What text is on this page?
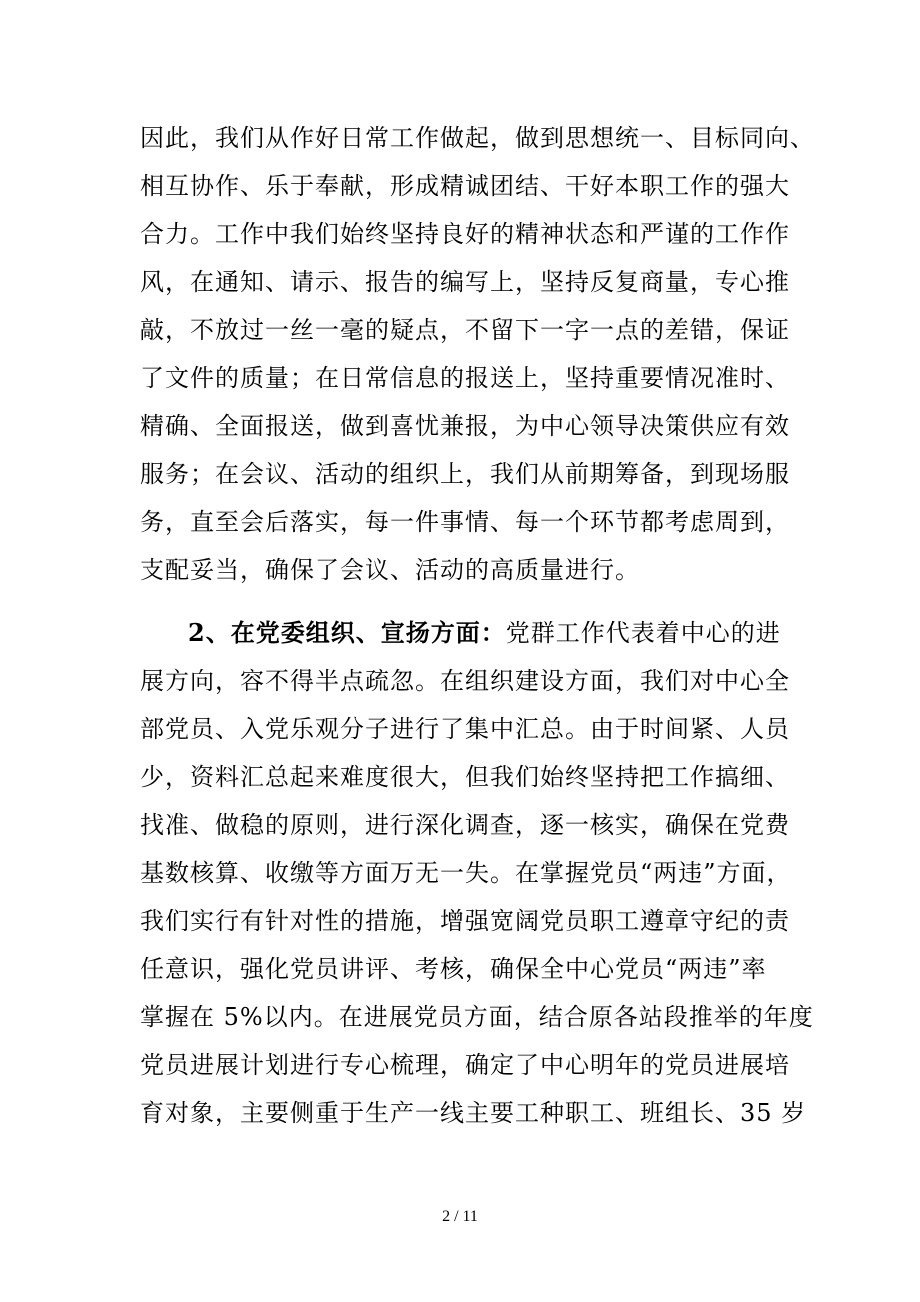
因此，我们从作好日常工作做起，做到思想统一、目标同向、
相互协作、乐于奉献，形成精诚团结、干好本职工作的强大
合力。工作中我们始终坚持良好的精神状态和严谨的工作作
风，在通知、请示、报告的编写上，坚持反复商量，专心推
敲，不放过一丝一毫的疑点，不留下一字一点的差错，保证
了文件的质量；在日常信息的报送上，坚持重要情况准时、
精确、全面报送，做到喜忧兼报，为中心领导决策供应有效
服务；在会议、活动的组织上，我们从前期筹备，到现场服
务，直至会后落实，每一件事情、每一个环节都考虑周到，
支配妥当，确保了会议、活动的高质量进行。
2、在党委组织、宣扬方面：党群工作代表着中心的进
展方向，容不得半点疏忽。在组织建设方面，我们对中心全
部党员、入党乐观分子进行了集中汇总。由于时间紧、人员
少，资料汇总起来难度很大，但我们始终坚持把工作搞细、
找准、做稳的原则，进行深化调查，逐一核实，确保在党费
基数核算、收缴等方面万无一失。在掌握党员“两违”方面，
我们实行有针对性的措施，增强宽阔党员职工遵章守纪的责
任意识，强化党员讲评、考核，确保全中心党员“两违”率
掌握在 5%以内。在进展党员方面，结合原各站段推举的年度
党员进展计划进行专心梳理，确定了中心明年的党员进展培
育对象，主要侧重于生产一线主要工种职工、班组长、35 岁
2 / 11
